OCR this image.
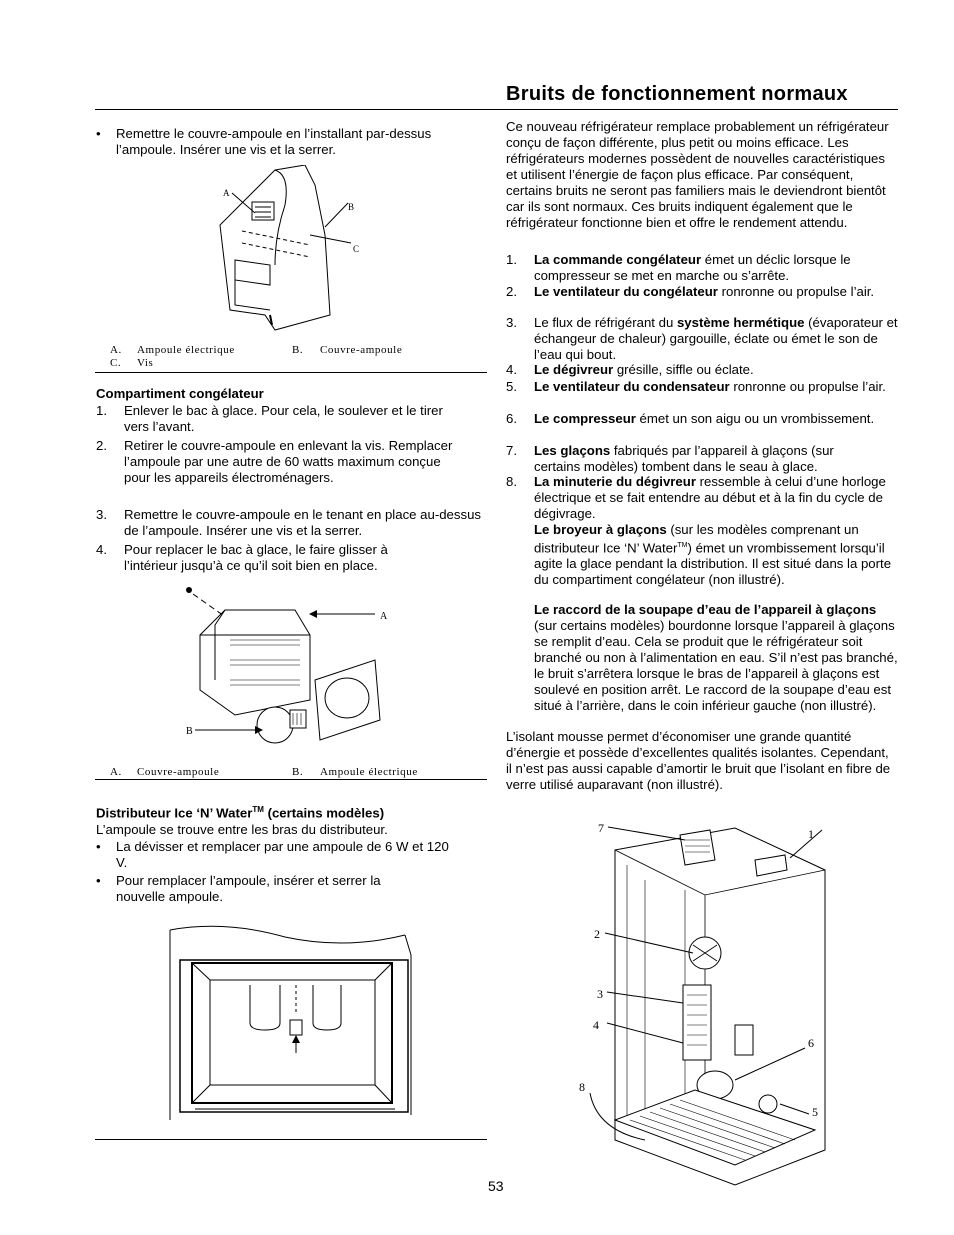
Bruits de fonctionnement normaux
• Remettre le couvre-ampoule en l’installant par-dessus l’ampoule. Insérer une vis et la serrer.
A
B
C
A. Ampoule électrique	B. Couvre-ampoule
C. Vis
Compartiment congélateur
1. Enlever le bac à glace. Pour cela, le soulever et le tirer vers l’avant.
2. Retirer le couvre-ampoule en enlevant la vis. Remplacer l’ampoule par une autre de 60 watts maximum conçue pour les appareils électroménagers.
3. Remettre le couvre-ampoule en le tenant en place au-dessus de l’ampoule. Insérer une vis et la serrer.
4. Pour replacer le bac à glace, le faire glisser à l’intérieur jusqu’à ce qu’il soit bien en place.
A
B
A. Couvre-ampoule	B. Ampoule électrique
Distributeur Ice ‘N’ Water™ (certains modèles)
L’ampoule se trouve entre les bras du distributeur.
• La dévisser et remplacer par une ampoule de 6 W et 120 V.
• Pour remplacer l’ampoule, insérer et serrer la nouvelle ampoule.
Ce nouveau réfrigérateur remplace probablement un réfrigérateur conçu de façon différente, plus petit ou moins efficace. Les réfrigérateurs modernes possèdent de nouvelles caractéristiques et utilisent l’énergie de façon plus efficace. Par conséquent, certains bruits ne seront pas familiers mais le deviendront bientôt car ils sont normaux. Ces bruits indiquent également que le réfrigérateur fonctionne bien et offre le rendement attendu.
1. La commande congélateur émet un déclic lorsque le compresseur se met en marche ou s’arrête.
2. Le ventilateur du congélateur ronronne ou propulse l’air.
3. Le flux de réfrigérant du système hermétique (évaporateur et échangeur de chaleur) gargouille, éclate ou émet le son de l’eau qui bout.
4. Le dégivreur grésille, siffle ou éclate.
5. Le ventilateur du condensateur ronronne ou propulse l’air.
6. Le compresseur émet un son aigu ou un vrombissement.
7. Les glaçons fabriqués par l’appareil à glaçons (sur certains modèles) tombent dans le seau à glace.
8. La minuterie du dégivreur ressemble à celui d’une horloge électrique et se fait entendre au début et à la fin du cycle de dégivrage.
Le broyeur à glaçons (sur les modèles comprenant un distributeur Ice ‘N’ Water™) émet un vrombissement lorsqu’il agite la glace pendant la distribution. Il est situé dans la porte du compartiment congélateur (non illustré).
Le raccord de la soupape d’eau de l’appareil à glaçons (sur certains modèles) bourdonne lorsque l’appareil à glaçons se remplit d’eau. Cela se produit que le réfrigérateur soit branché ou non à l’alimentation en eau. S’il n’est pas branché, le bruit s’arrêtera lorsque le bras de l’appareil à glaçons est soulevé en position arrêt. Le raccord de la soupape d’eau est situé à l’arrière, dans le coin inférieur gauche (non illustré).
L’isolant mousse permet d’économiser une grande quantité d’énergie et possède d’excellentes qualités isolantes. Cependant, il n’est pas aussi capable d’amortir le bruit que l’isolant en fibre de verre utilisé auparavant (non illustré).
1
2
3
4
5
6
7
8
53
